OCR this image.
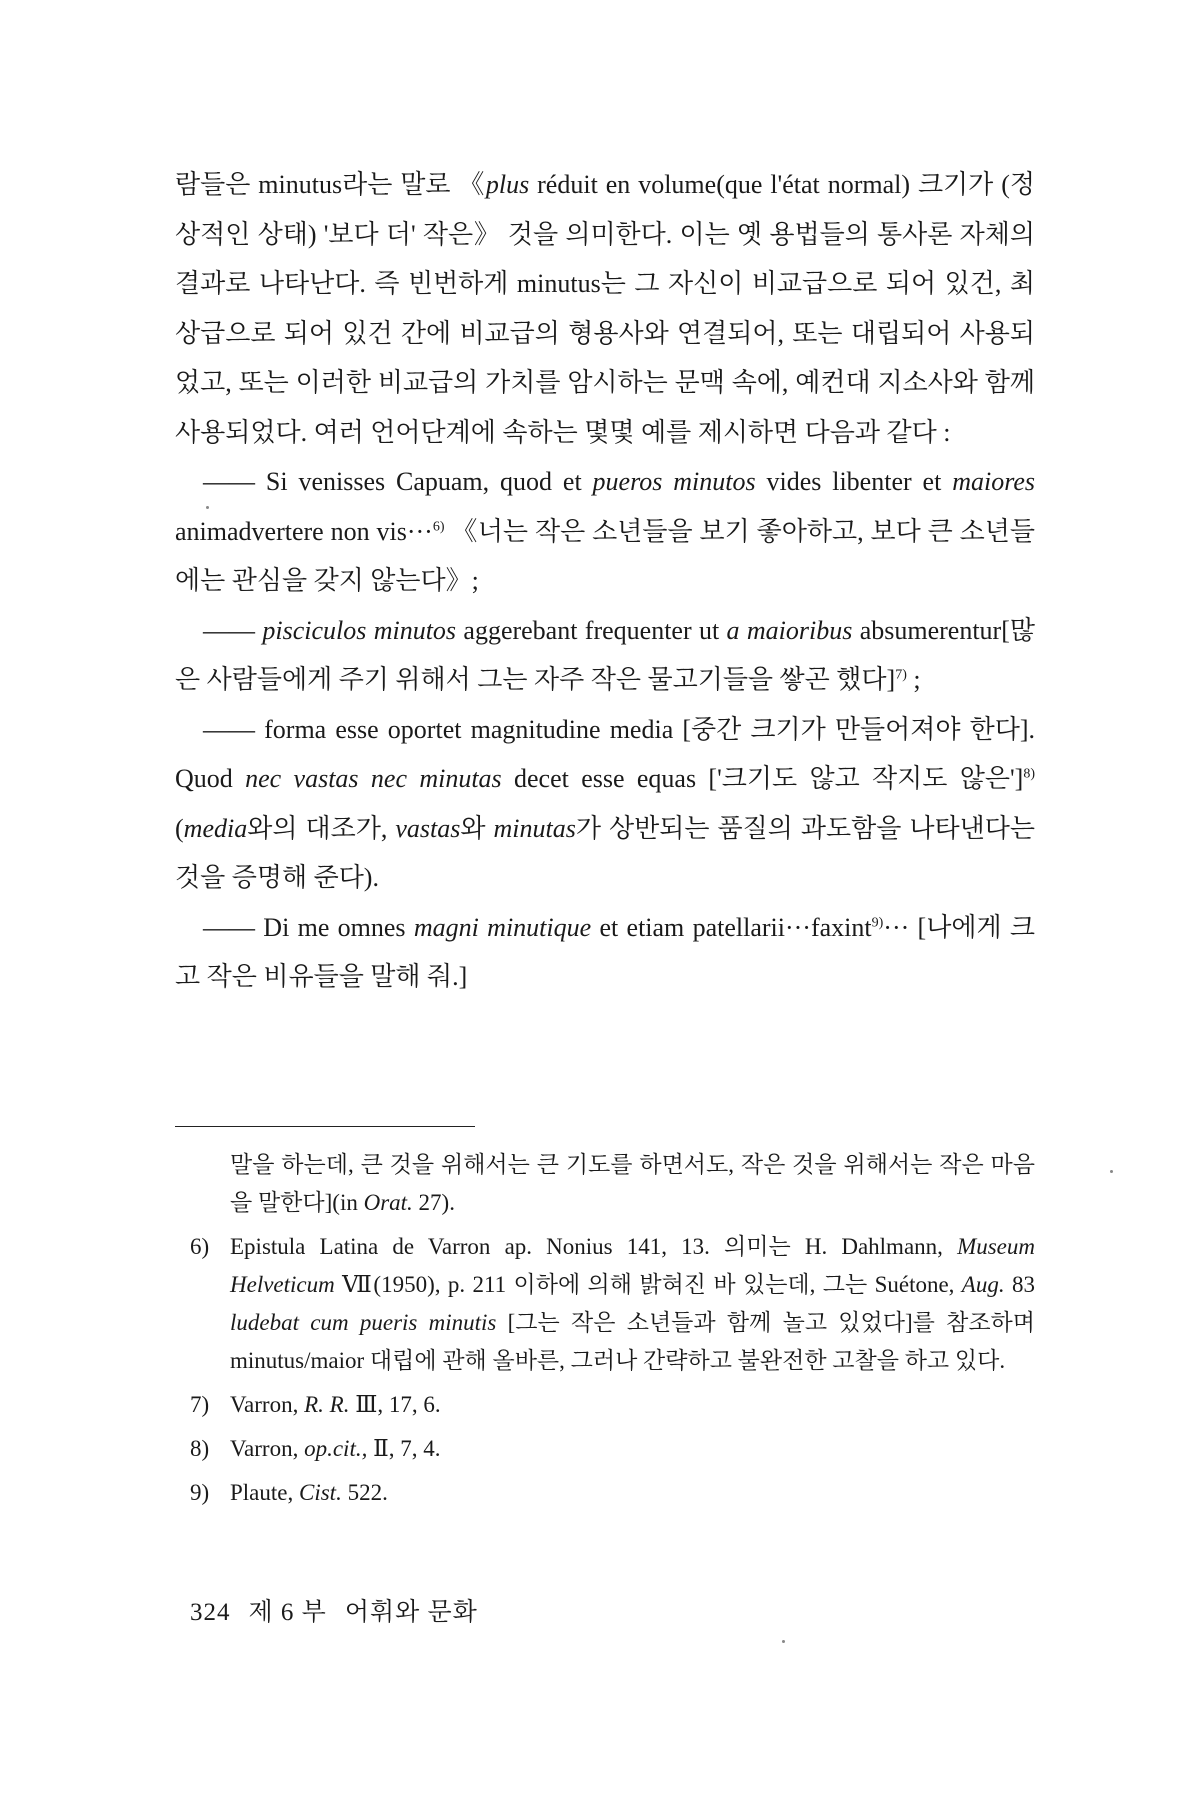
람들은 minutus라는 말로 《plus réduit en volume(que l'état normal) 크기가 (정상적인 상태) '보다 더' 작은》 것을 의미한다. 이는 옛 용법들의 통사론 자체의 결과로 나타난다. 즉 빈번하게 minutus는 그 자신이 비교급으로 되어 있건, 최상급으로 되어 있건 간에 비교급의 형용사와 연결되어, 또는 대립되어 사용되었고, 또는 이러한 비교급의 가치를 암시하는 문맥 속에, 예컨대 지소사와 함께 사용되었다. 여러 언어단계에 속하는 몇몇 예를 제시하면 다음과 같다 :

—— Si venisses Capuam, quod et pueros minutos vides libenter et maiores animadvertere non vis···$^{6)}$ 《너는 작은 소년들을 보기 좋아하고, 보다 큰 소년들에는 관심을 갖지 않는다》;

—— pisciculos minutos aggerebant frequenter ut a maioribus absumerentur[많은 사람들에게 주기 위해서 그는 자주 작은 물고기들을 쌓곤 했다]$^{7)}$ ;

—— forma esse oportet magnitudine media [중간 크기가 만들어져야 한다]. Quod nec vastas nec minutas decet esse equas ['크기도 않고 작지도 않은']$^{8)}$ (media와의 대조가, vastas와 minutas가 상반되는 품질의 과도함을 나타낸다는 것을 증명해 준다).

—— Di me omnes magni minutique et etiam patellarii···faxint$^{9)}$··· [나에게 크고 작은 비유들을 말해 줘.]

말을 하는데, 큰 것을 위해서는 큰 기도를 하면서도, 작은 것을 위해서는 작은 마음을 말한다](in Orat. 27).
6) Epistula Latina de Varron ap. Nonius 141, 13. 의미는 H. Dahlmann, Museum Helveticum Ⅶ(1950), p. 211 이하에 의해 밝혀진 바 있는데, 그는 Suétone, Aug. 83 ludebat cum pueris minutis [그는 작은 소년들과 함께 놀고 있었다]를 참조하며 minutus/maior 대립에 관해 올바른, 그러나 간략하고 불완전한 고찰을 하고 있다.
7) Varron, R. R. Ⅲ, 17, 6.
8) Varron, op.cit., Ⅱ, 7, 4.
9) Plaute, Cist. 522.
324 제 6 부 어휘와 문화
